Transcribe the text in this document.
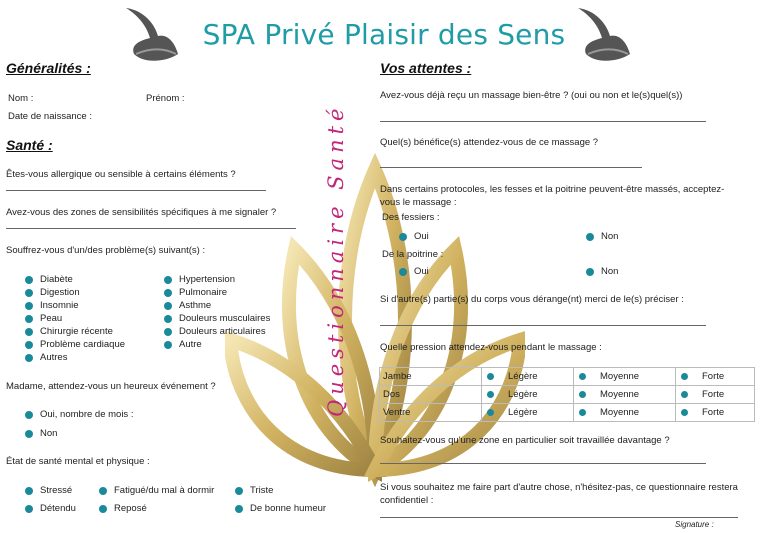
SPA Privé Plaisir des Sens
Questionnaire Santé
Généralités :
Nom :	Prénom :
Date de naissance :
Santé :
Êtes-vous allergique ou sensible à certains éléments ?
Avez-vous des zones de sensibilités spécifiques à me signaler ?
Souffrez-vous d'un/des problème(s) suivant(s) :
Diabète
Digestion
Insomnie
Peau
Chirurgie récente
Problème cardiaque
Autres
Hypertension
Pulmonaire
Asthme
Douleurs musculaires
Douleurs articulaires
Autre
Madame, attendez-vous un heureux événement ?
Oui, nombre de mois :
Non
État de santé mental et physique :
Stressé
Détendu
Fatigué/du mal à dormir
Reposé
Triste
De bonne humeur
Vos attentes :
Avez-vous déjà reçu un massage bien-être ? (oui ou non et le(s)quel(s))
Quel(s) bénéfice(s) attendez-vous de ce massage ?
Dans certains protocoles, les fesses et la poitrine peuvent-être massés, acceptez-
vous le massage :
Des fessiers :
Oui	Non
De la poitrine :
Oui	Non
Si d'autre(s) partie(s) du corps vous dérange(nt) merci de le(s) préciser :
Quelle pression attendez-vous pendant le massage :
Jambe	Légère	Moyenne	Forte

Dos	Légère	Moyenne	Forte

Ventre	Légère	Moyenne	Forte
Souhaitez-vous qu'une zone en particulier soit travaillée davantage ?
Si vous souhaitez me faire part d'autre chose, n'hésitez-pas, ce questionnaire restera
confidentiel :
Signature :
